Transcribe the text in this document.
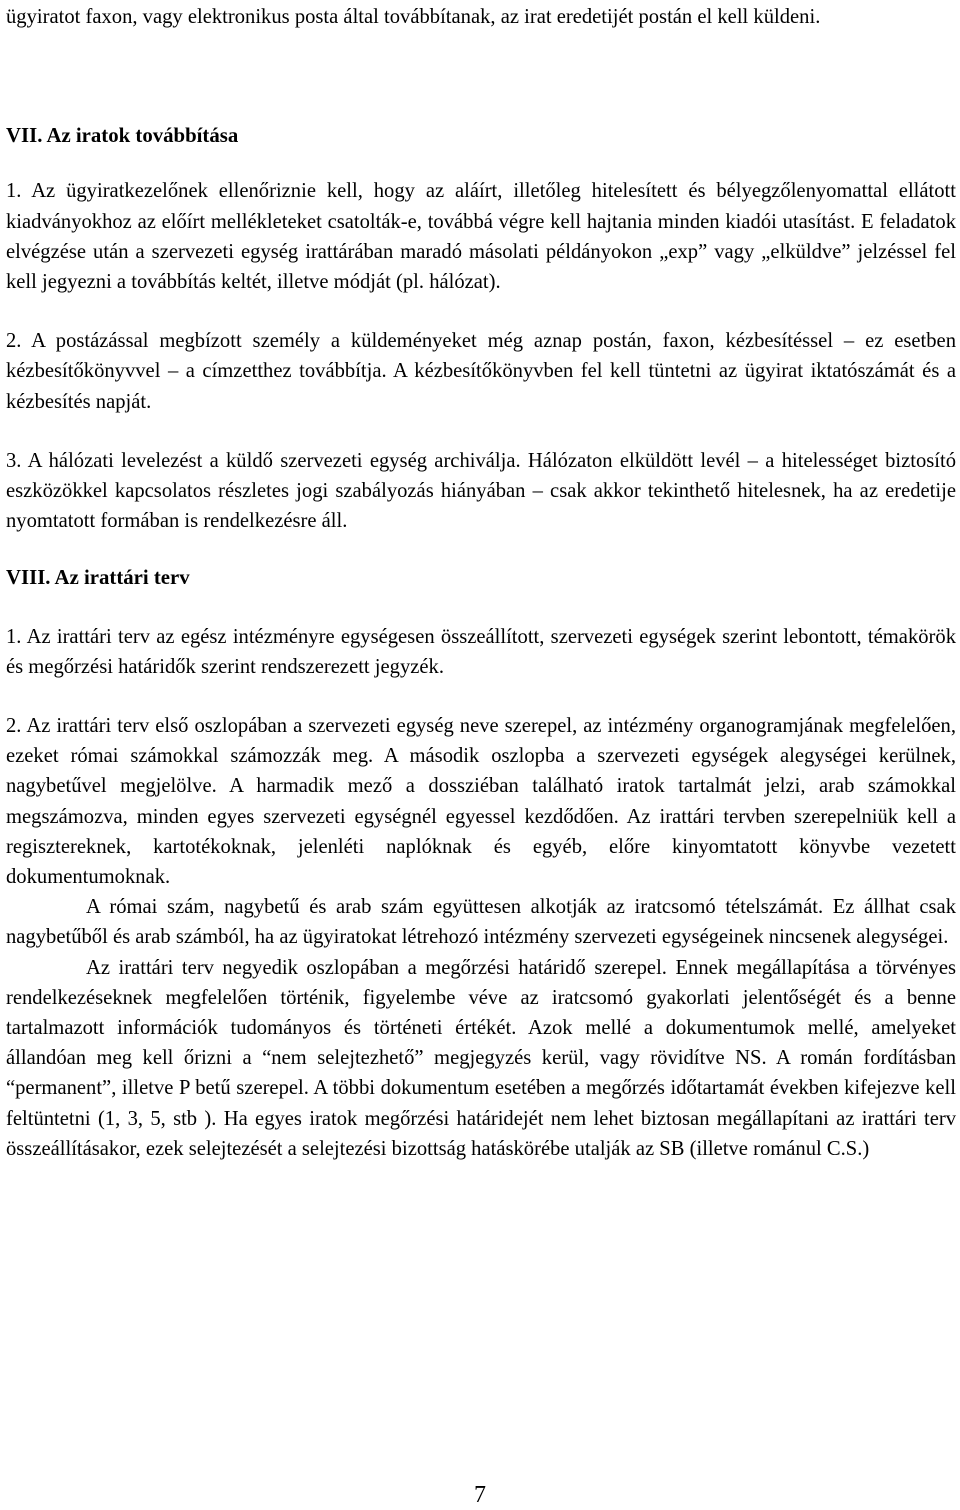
ügyiratot faxon, vagy elektronikus posta által továbbítanak, az irat eredetijét postán el kell küldeni.

VII. Az iratok továbbítása

1. Az ügyiratkezelőnek ellenőriznie kell, hogy az aláírt, illetőleg hitelesített és bélyegzőlenyomattal ellátott kiadványokhoz az előírt mellékleteket csatolták-e, továbbá végre kell hajtania minden kiadói utasítást. E feladatok elvégzése után a szervezeti egység irattárában maradó másolati példányokon „exp” vagy „elküldve” jelzéssel fel kell jegyezni a továbbítás keltét, illetve módját (pl. hálózat).

2. A postázással megbízott személy a küldeményeket még aznap postán, faxon, kézbesítéssel – ez esetben kézbesítőkönyvvel – a címzetthez továbbítja. A kézbesítőkönyvben fel kell tüntetni az ügyirat iktatószámát és a kézbesítés napját.

3. A hálózati levelezést a küldő szervezeti egység archiválja. Hálózaton elküldött levél – a hitelességet biztosító eszközökkel kapcsolatos részletes jogi szabályozás hiányában – csak akkor tekinthető hitelesnek, ha az eredetije nyomtatott formában is rendelkezésre áll.

VIII. Az irattári terv

1. Az irattári terv az egész intézményre egységesen összeállított, szervezeti egységek szerint lebontott, témakörök és megőrzési határidők szerint rendszerezett jegyzék.

2. Az irattári terv első oszlopában a szervezeti egység neve szerepel, az intézmény organogramjának megfelelően, ezeket római számokkal számozzák meg. A második oszlopba a szervezeti egységek alegységei kerülnek, nagybetűvel megjelölve. A harmadik mező a dossziéban található iratok tartalmát jelzi, arab számokkal megszámozva, minden egyes szervezeti egységnél egyessel kezdődően. Az irattári tervben szerepelniük kell a regisztereknek, kartotékoknak, jelenléti naplóknak és egyéb, előre kinyomtatott könyvbe vezetett dokumentumoknak.

A római szám, nagybetű és arab szám együttesen alkotják az iratcsomó tételszámát. Ez állhat csak nagybetűből és arab számból, ha az ügyiratokat létrehozó intézmény szervezeti egységeinek nincsenek alegységei.

Az irattári terv negyedik oszlopában a megőrzési határidő szerepel. Ennek megállapítása a törvényes rendelkezéseknek megfelelően történik, figyelembe véve az iratcsomó gyakorlati jelentőségét és a benne tartalmazott információk tudományos és történeti értékét. Azok mellé a dokumentumok mellé, amelyeket állandóan meg kell őrizni a “nem selejtezhető” megjegyzés kerül, vagy rövidítve NS. A román fordításban “permanent”, illetve P betű szerepel. A többi dokumentum esetében a megőrzés időtartamát években kifejezve kell feltüntetni (1, 3, 5, stb ). Ha egyes iratok megőrzési határidejét nem lehet biztosan megállapítani az irattári terv összeállításakor, ezek selejtezését a selejtezési bizottság hatáskörébe utalják az SB (illetve románul C.S.)

7
